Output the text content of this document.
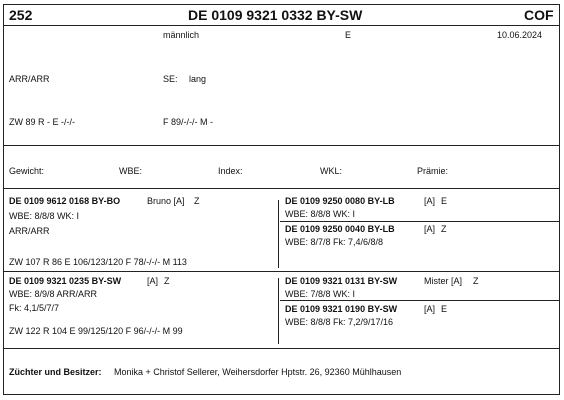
252	DE 0109 9321 0332 BY-SW	COF
männlich	E	10.06.2024
ARR/ARR	SE: lang
ZW 89 R - E -/-/-	F 89/-/-/- M -
Gewicht:	WBE:	Index:	WKL:	Prämie:
DE 0109 9612 0168 BY-BO	Bruno [A] Z
WBE: 8/8/8 WK: I
ARR/ARR
ZW 107 R 86 E 106/123/120 F 78/-/-/- M 113
DE 0109 9250 0080 BY-LB	[A] E
WBE: 8/8/8 WK: I
DE 0109 9250 0040 BY-LB	[A] Z
WBE: 8/7/8 Fk: 7,4/6/8/8
DE 0109 9321 0235 BY-SW	[A] Z
WBE: 8/9/8 ARR/ARR
Fk: 4,1/5/7/7
ZW 122 R 104 E 99/125/120 F 96/-/-/- M 99
DE 0109 9321 0131 BY-SW	Mister [A] Z
WBE: 7/8/8 WK: I
DE 0109 9321 0190 BY-SW	[A] E
WBE: 8/8/8 Fk: 7,2/9/17/16
Züchter und Besitzer: Monika + Christof Sellerer, Weihersdorfer Hptstr. 26, 92360 Mühlhausen
